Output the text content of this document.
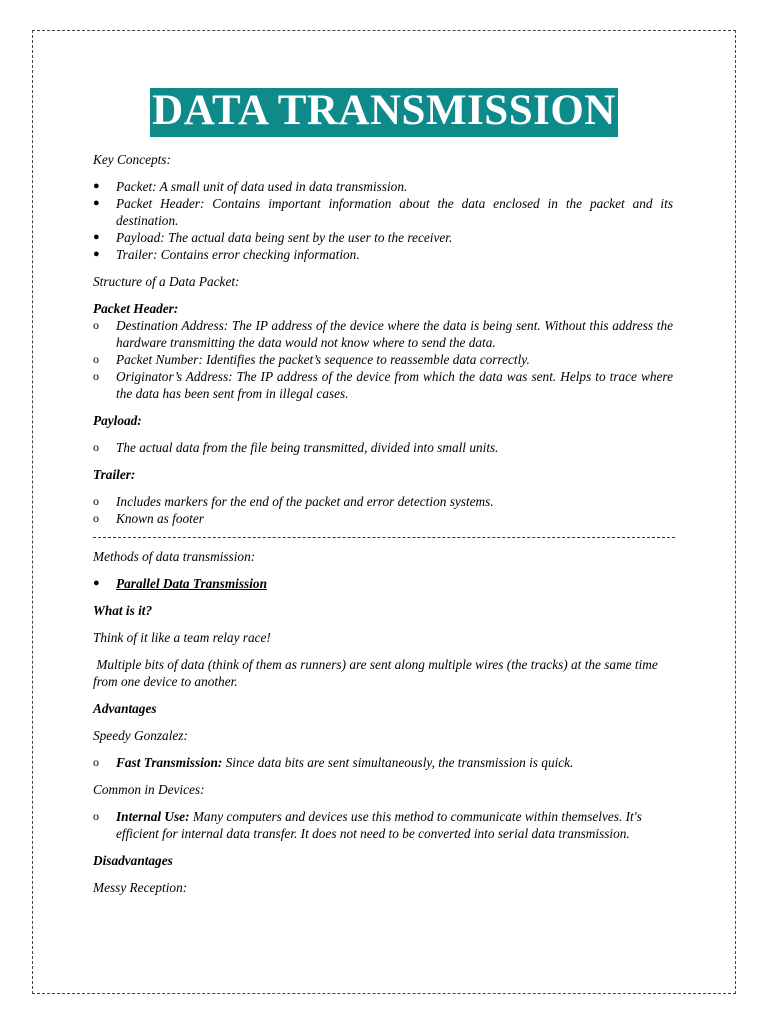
DATA TRANSMISSION

Key Concepts:

● Packet: A small unit of data used in data transmission.
● Packet Header: Contains important information about the data enclosed in the packet and its destination.
● Payload: The actual data being sent by the user to the receiver.
● Trailer: Contains error checking information.

Structure of a Data Packet:

Packet Header:

o Destination Address: The IP address of the device where the data is being sent. Without this address the hardware transmitting the data would not know where to send the data.
o Packet Number: Identifies the packet’s sequence to reassemble data correctly.
o Originator’s Address: The IP address of the device from which the data was sent. Helps to trace where the data has been sent from in illegal cases.

Payload:

o The actual data from the file being transmitted, divided into small units.

Trailer:

o Includes markers for the end of the packet and error detection systems.
o Known as footer

Methods of data transmission:

● Parallel Data Transmission

What is it?

Think of it like a team relay race!

Multiple bits of data (think of them as runners) are sent along multiple wires (the tracks) at the same time from one device to another.

Advantages

Speedy Gonzalez:

o Fast Transmission: Since data bits are sent simultaneously, the transmission is quick.

Common in Devices:

o Internal Use: Many computers and devices use this method to communicate within themselves. It's efficient for internal data transfer. It does not need to be converted into serial data transmission.

Disadvantages

Messy Reception:
